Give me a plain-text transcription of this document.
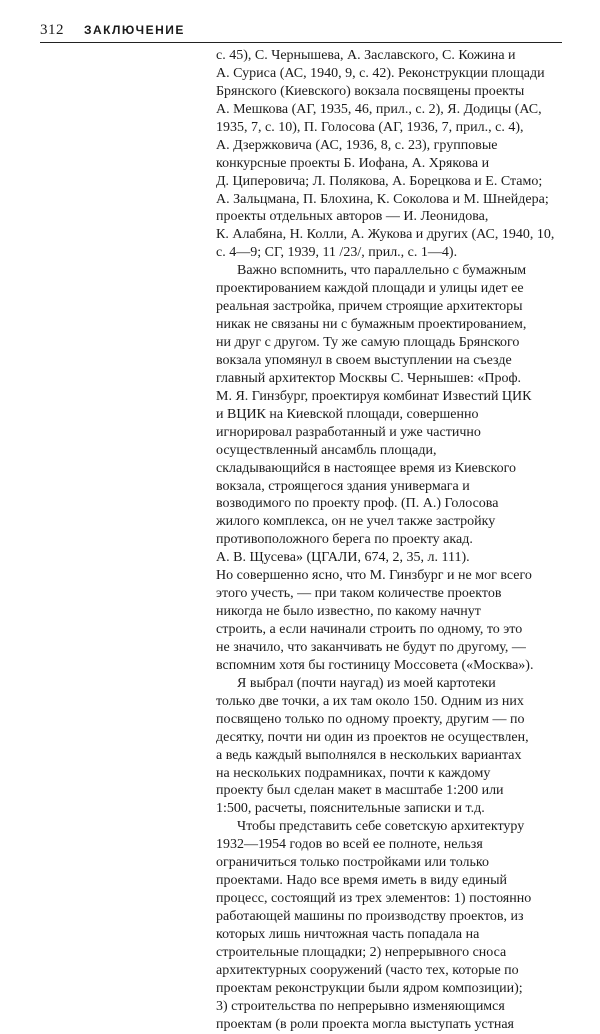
312 ЗАКЛЮЧЕНИЕ
с. 45), С. Чернышева, А. Заславского, С. Кожина и
А. Суриса (АС, 1940, 9, с. 42). Реконструкции площади
Брянского (Киевского) вокзала посвящены проекты
А. Мешкова (АГ, 1935, 46, прил., с. 2), Я. Додицы (АС,
1935, 7, с. 10), П. Голосова (АГ, 1936, 7, прил., с. 4),
А. Дзержковича (АС, 1936, 8, с. 23), групповые
конкурсные проекты Б. Иофана, А. Хрякова и
Д. Циперовича; Л. Полякова, А. Борецкова и Е. Стамо;
А. Зальцмана, П. Блохина, К. Соколова и М. Шнейдера;
проекты отдельных авторов — И. Леонидова,
К. Алабяна, Н. Колли, А. Жукова и других (АС, 1940, 10,
с. 4—9; СГ, 1939, 11 /23/, прил., с. 1—4).
Важно вспомнить, что параллельно с бумажным
проектированием каждой площади и улицы идет ее
реальная застройка, причем строящие архитекторы
никак не связаны ни с бумажным проектированием,
ни друг с другом. Ту же самую площадь Брянского
вокзала упомянул в своем выступлении на съезде
главный архитектор Москвы С. Чернышев: «Проф.
М. Я. Гинзбург, проектируя комбинат Известий ЦИК
и ВЦИК на Киевской площади, совершенно
игнорировал разработанный и уже частично
осуществленный ансамбль площади,
складывающийся в настоящее время из Киевского
вокзала, строящегося здания универмага и
возводимого по проекту проф. (П. А.) Голосова
жилого комплекса, он не учел также застройку
противоположного берега по проекту акад.
А. В. Щусева» (ЦГАЛИ, 674, 2, 35, л. 111).
Но совершенно ясно, что М. Гинзбург и не мог всего
этого учесть, — при таком количестве проектов
никогда не было известно, по какому начнут
строить, а если начинали строить по одному, то это
не значило, что заканчивать не будут по другому, —
вспомним хотя бы гостиницу Моссовета («Москва»).
Я выбрал (почти наугад) из моей картотеки
только две точки, а их там около 150. Одним из них
посвящено только по одному проекту, другим — по
десятку, почти ни один из проектов не осуществлен,
а ведь каждый выполнялся в нескольких вариантах
на нескольких подрамниках, почти к каждому
проекту был сделан макет в масштабе 1:200 или
1:500, расчеты, пояснительные записки и т.д.
Чтобы представить себе советскую архитектуру
1932—1954 годов во всей ее полноте, нельзя
ограничиться только постройками или только
проектами. Надо все время иметь в виду единый
процесс, состоящий из трех элементов: 1) постоянно
работающей машины по производству проектов, из
которых лишь ничтожная часть попадала на
строительные площадки; 2) непрерывного сноса
архитектурных сооружений (часто тех, которые по
проектам реконструкции были ядром композиции);
3) строительства по непрерывно изменяющимся
проектам (в роли проекта могла выступать устная
